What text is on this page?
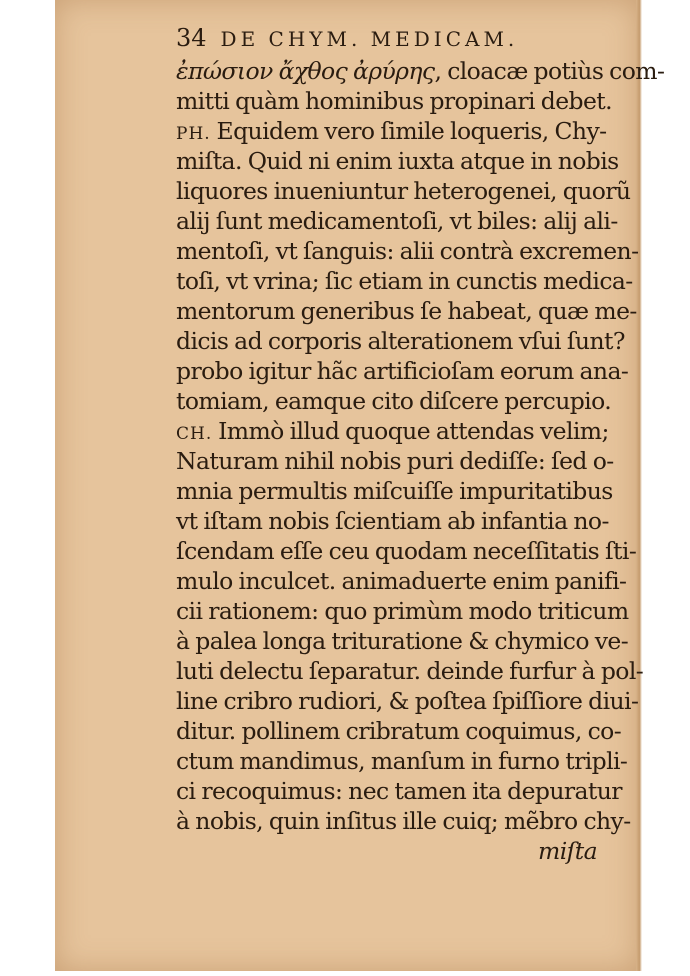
34 DE CHYM. MEDICAM.
ἐπώσιον ἄχθος ἀρύρης, cloacæ potiùs com-
mitti quàm hominibus propinari debet.
PH. Equidem vero ſimile loqueris, Chy-
miſta. Quid ni enim iuxta atque in nobis
liquores inueniuntur heterogenei, quorũ
alij ſunt medicamentoſi, vt biles: alij ali-
mentoſi, vt ſanguis: alii contrà excremen-
toſi, vt vrina; ſic etiam in cunctis medica-
mentorum generibus ſe habeat, quæ me-
dicis ad corporis alterationem vſui ſunt?
probo igitur hãc artificioſam eorum ana-
tomiam, eamque cito diſcere percupio.
CH. Immò illud quoque attendas velim;
Naturam nihil nobis puri dediſſe: ſed o-
mnia permultis miſcuiſſe impuritatibus
vt iſtam nobis ſcientiam ab infantia no-
ſcendam eſſe ceu quodam neceſſitatis ſti-
mulo inculcet. animaduerte enim panifi-
cii rationem: quo primùm modo triticum
à palea longa trituratione & chymico ve-
luti delectu ſeparatur. deinde furfur à pol-
line cribro rudiori, & poſtea ſpiſſiore diui-
ditur. pollinem cribratum coquimus, co-
ctum mandimus, manſum in furno tripli-
ci recoquimus: nec tamen ita depuratur
à nobis, quin inſitus ille cuiq; mẽbro chy-
miſta
